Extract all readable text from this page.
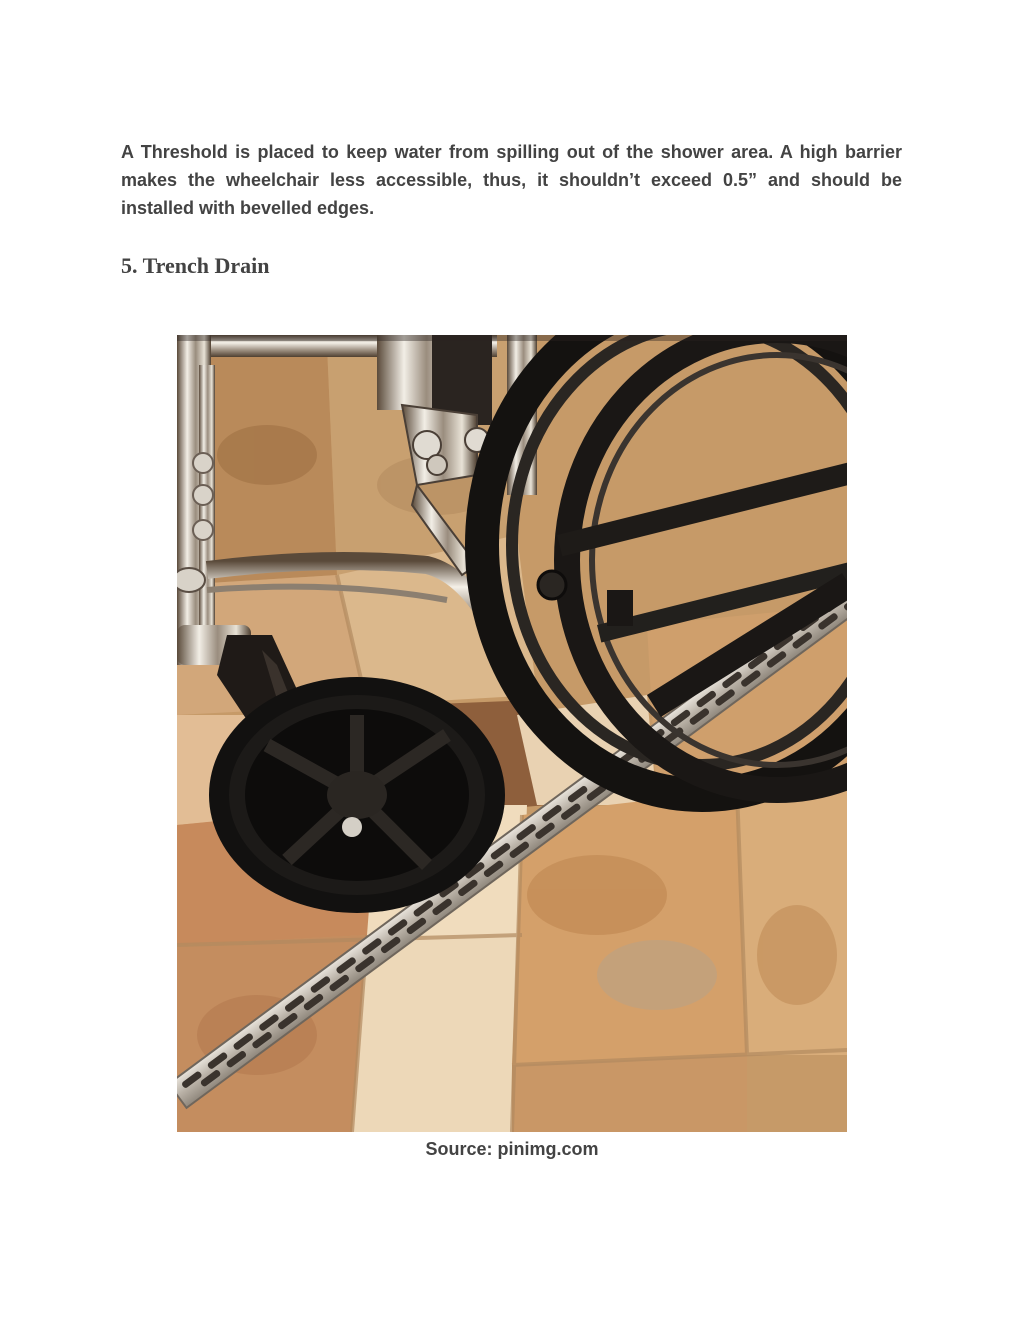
A Threshold is placed to keep water from spilling out of the shower area. A high barrier makes the wheelchair less accessible, thus, it shouldn’t exceed 0.5” and should be installed with bevelled edges.

5. Trench Drain

Source: pinimg.com
